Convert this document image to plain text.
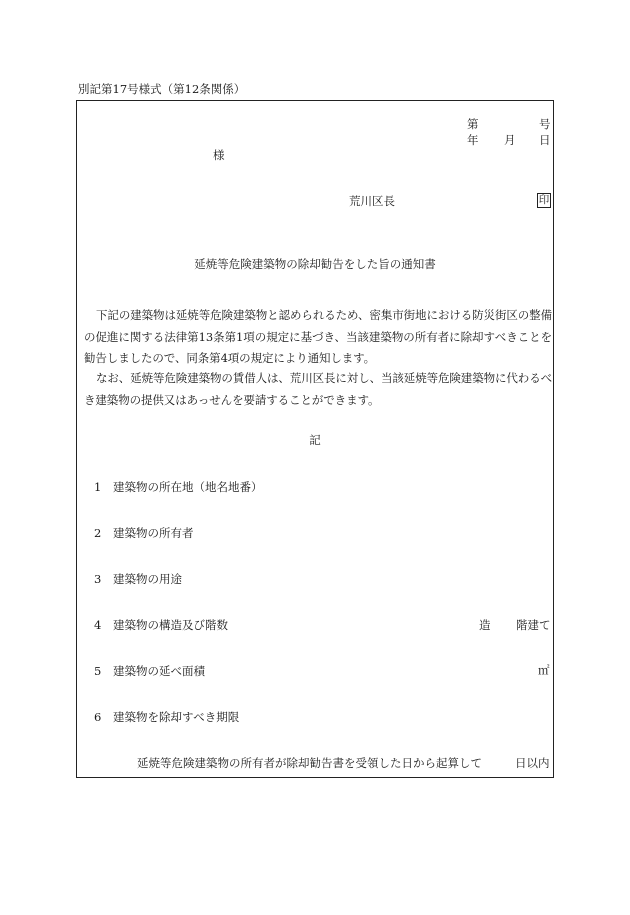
別記第17号様式（第12条関係）
第	号
年 月 日
様
荒川区長	印
延焼等危険建築物の除却勧告をした旨の通知書
下記の建築物は延焼等危険建築物と認められるため、密集市街地における防災街区の整備の促進に関する法律第13条第1項の規定に基づき、当該建築物の所有者に除却すべきことを勧告しましたので、同条第4項の規定により通知します。
なお、延焼等危険建築物の賃借人は、荒川区長に対し、当該延焼等危険建築物に代わるべき建築物の提供又はあっせんを要請することができます。
記
1 建築物の所在地（地名地番）
2 建築物の所有者
3 建築物の用途
4 建築物の構造及び階数	造 階建て
5 建築物の延べ面積	㎡
6 建築物を除却すべき期限
延焼等危険建築物の所有者が除却勧告書を受領した日から起算して	日以内
